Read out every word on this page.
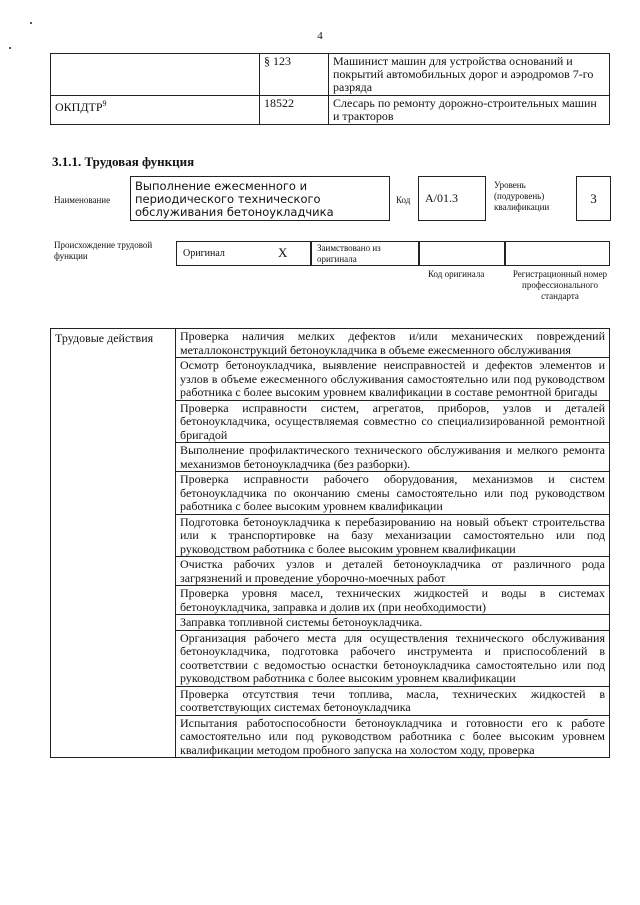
4
	§ 123	Машинист машин для устройства оснований и покрытий автомобильных дорог и аэродромов 7-го разряда
ОКПДТР$^9$	18522	Слесарь по ремонту дорожно-строительных машин и тракторов
3.1.1. Трудовая функция
Наименование
Выполнение ежесменного и периодического технического обслуживания бетоноукладчика
Код	А/01.3
Уровень (подуровень) квалификации
3
Происхождение трудовой функции	Оригинал	X	Заимствовано из оригинала
Код оригинала	Регистрационный номер профессионального стандарта
Трудовые действия	Проверка наличия мелких дефектов и/или механических повреждений металлоконструкций бетоноукладчика в объеме ежесменного обслуживания
Осмотр бетоноукладчика, выявление неисправностей и дефектов элементов и узлов в объеме ежесменного обслуживания самостоятельно или под руководством работника с более высоким уровнем квалификации в составе ремонтной бригады
Проверка исправности систем, агрегатов, приборов, узлов и деталей бетоноукладчика, осуществляемая совместно со специализированной ремонтной бригадой
Выполнение профилактического технического обслуживания и мелкого ремонта механизмов бетоноукладчика (без разборки).
Проверка исправности рабочего оборудования, механизмов и систем бетоноукладчика по окончанию смены самостоятельно или под руководством работника с более высоким уровнем квалификации
Подготовка бетоноукладчика к перебазированию на новый объект строительства или к транспортировке на базу механизации самостоятельно или под руководством работника с более высоким уровнем квалификации
Очистка рабочих узлов и деталей бетоноукладчика от различного рода загрязнений и проведение уборочно-моечных работ
Проверка уровня масел, технических жидкостей и воды в системах бетоноукладчика, заправка и долив их (при необходимости)
Заправка топливной системы бетоноукладчика.
Организация рабочего места для осуществления технического обслуживания бетоноукладчика, подготовка рабочего инструмента и приспособлений в соответствии с ведомостью оснастки бетоноукладчика самостоятельно или под руководством работника с более высоким уровнем квалификации
Проверка отсутствия течи топлива, масла, технических жидкостей в соответствующих системах бетоноукладчика
Испытания работоспособности бетоноукладчика и готовности его к работе самостоятельно или под руководством работника с более высоким уровнем квалификации методом пробного запуска на холостом ходу, проверка
